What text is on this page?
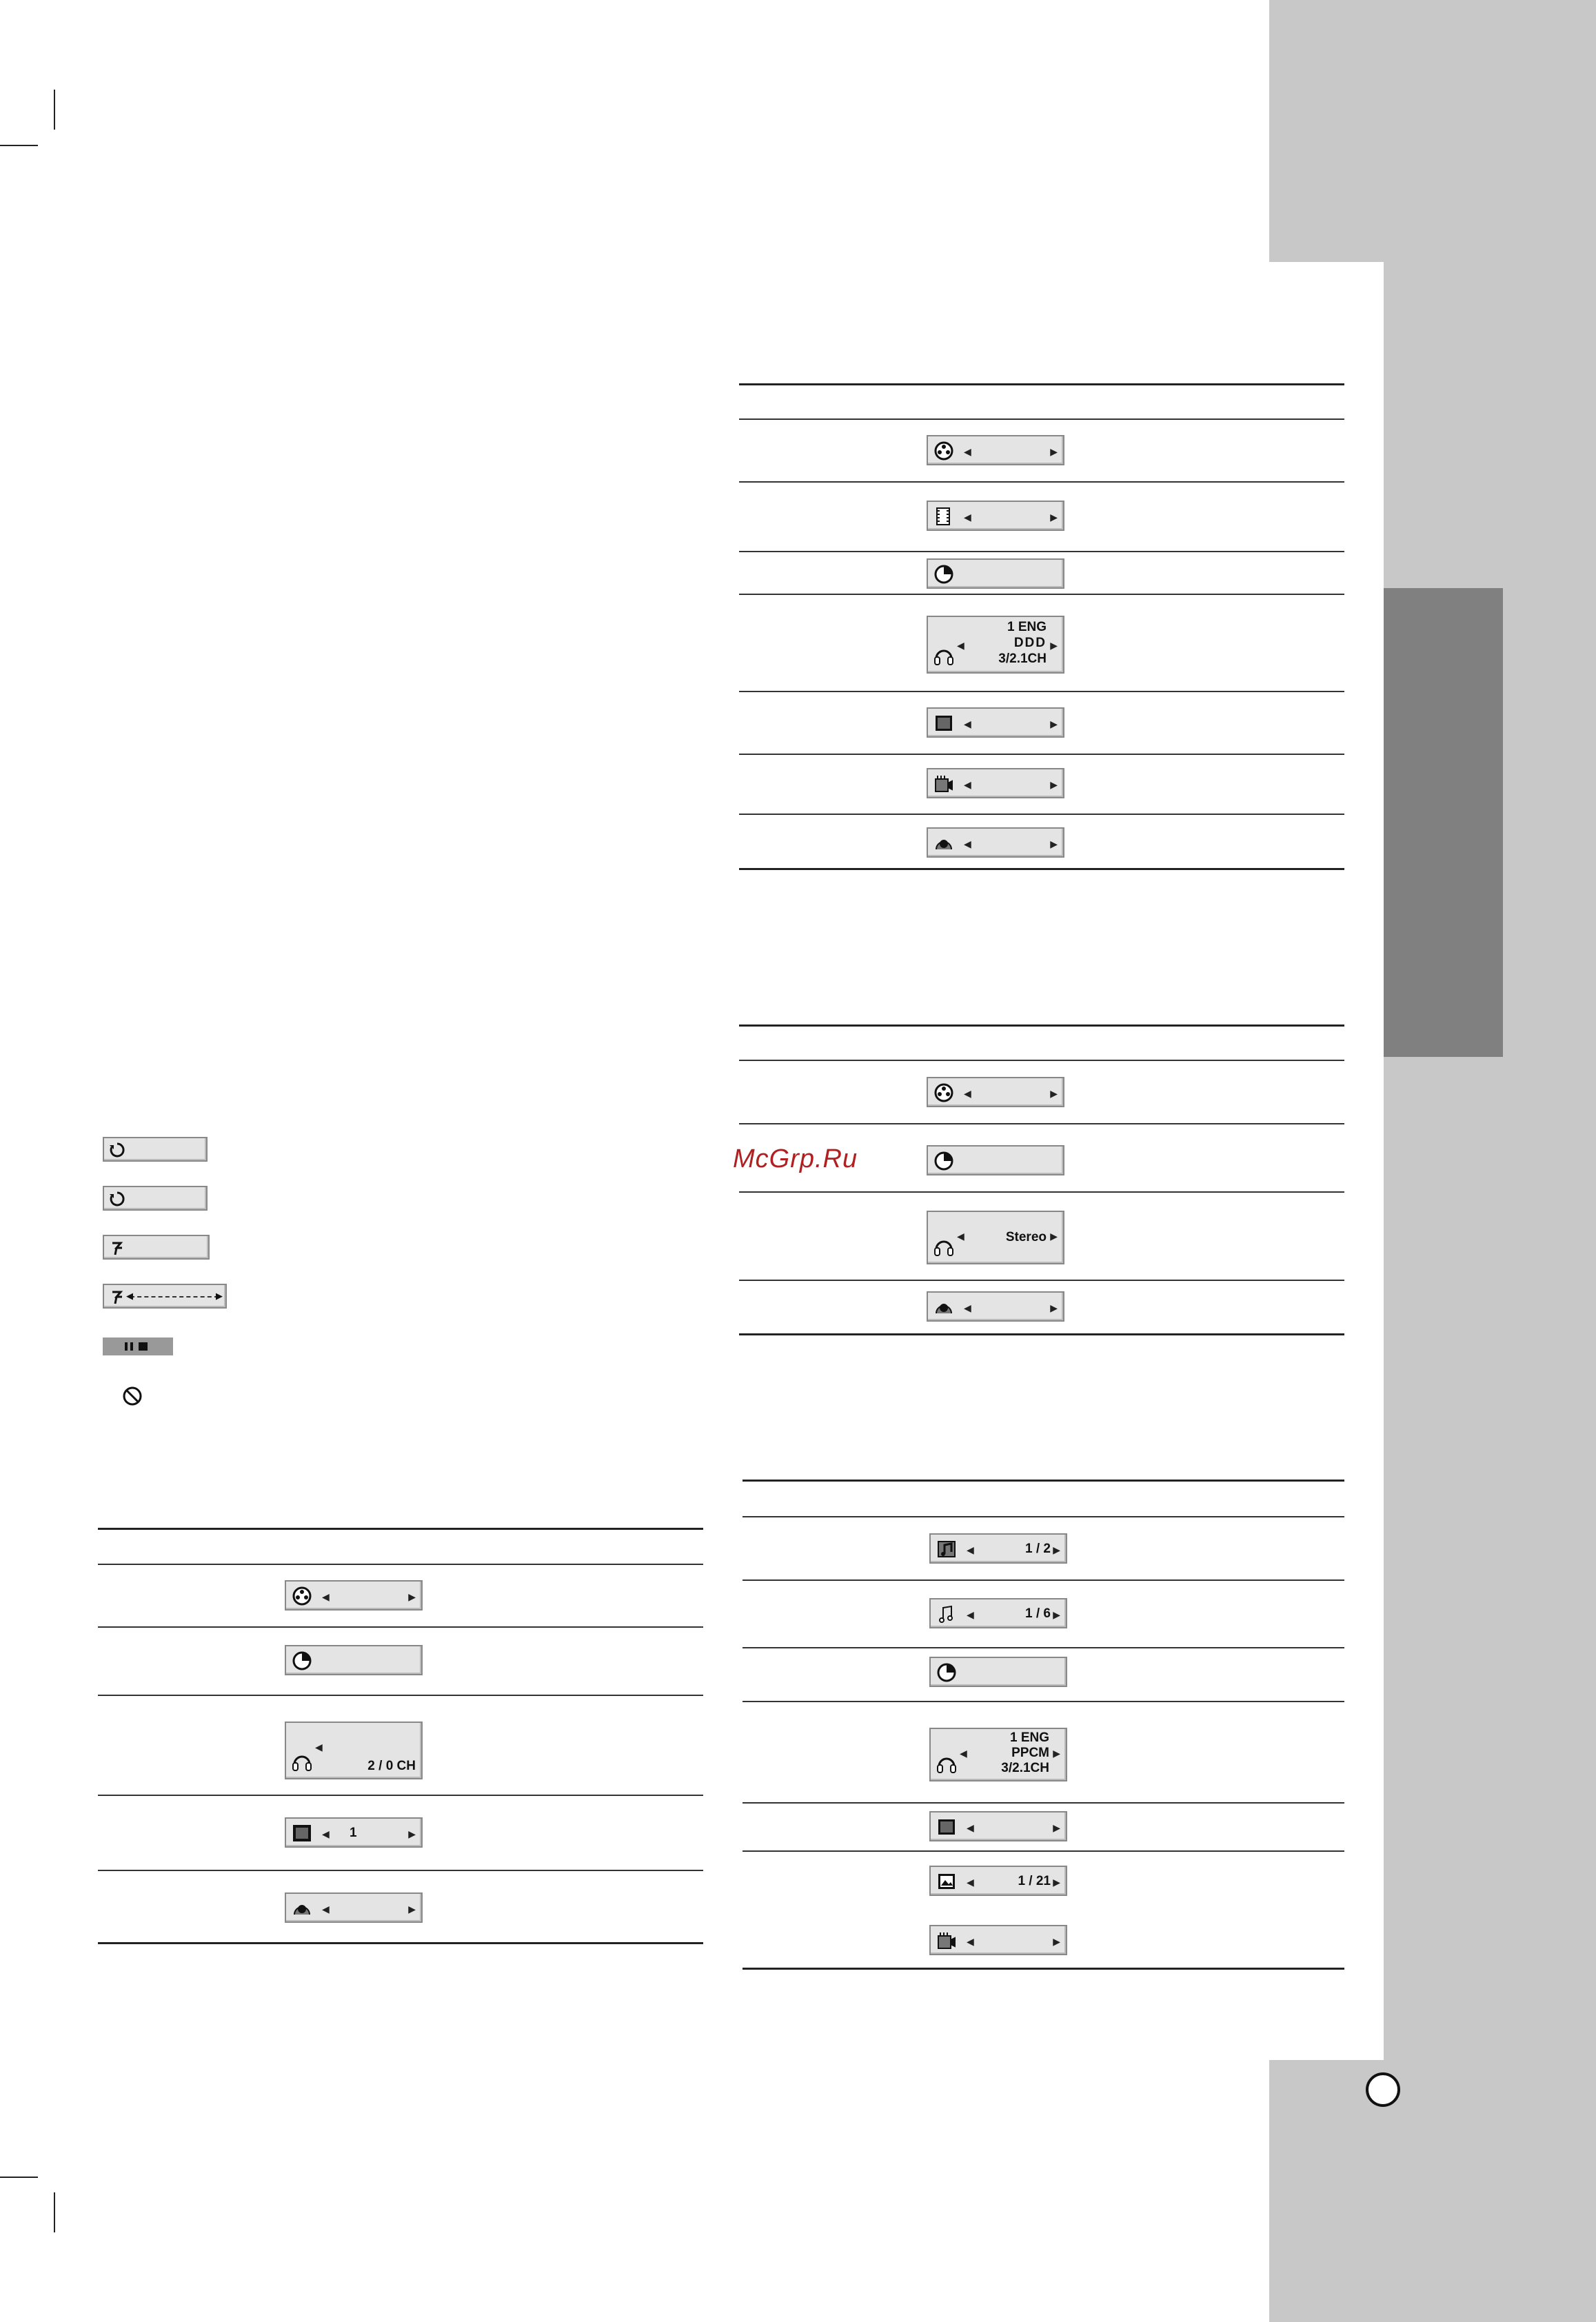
McGrp.Ru
◀	▶
◀	▶
◀
2 / 0 CH
◀ 1	▶
◀	▶
◀	▶
◀	▶
◀
1 ENG
DDD ▶
3/2.1CH
◀	▶
◀	▶
◀	▶
◀	▶
◀	Stereo ▶
◀	▶
◀	1 / 2 ▶
◀	1 / 6 ▶
◀
1 ENG
PPCM ▶
3/2.1CH
◀	▶
◀	1 / 21 ▶
◀	▶
